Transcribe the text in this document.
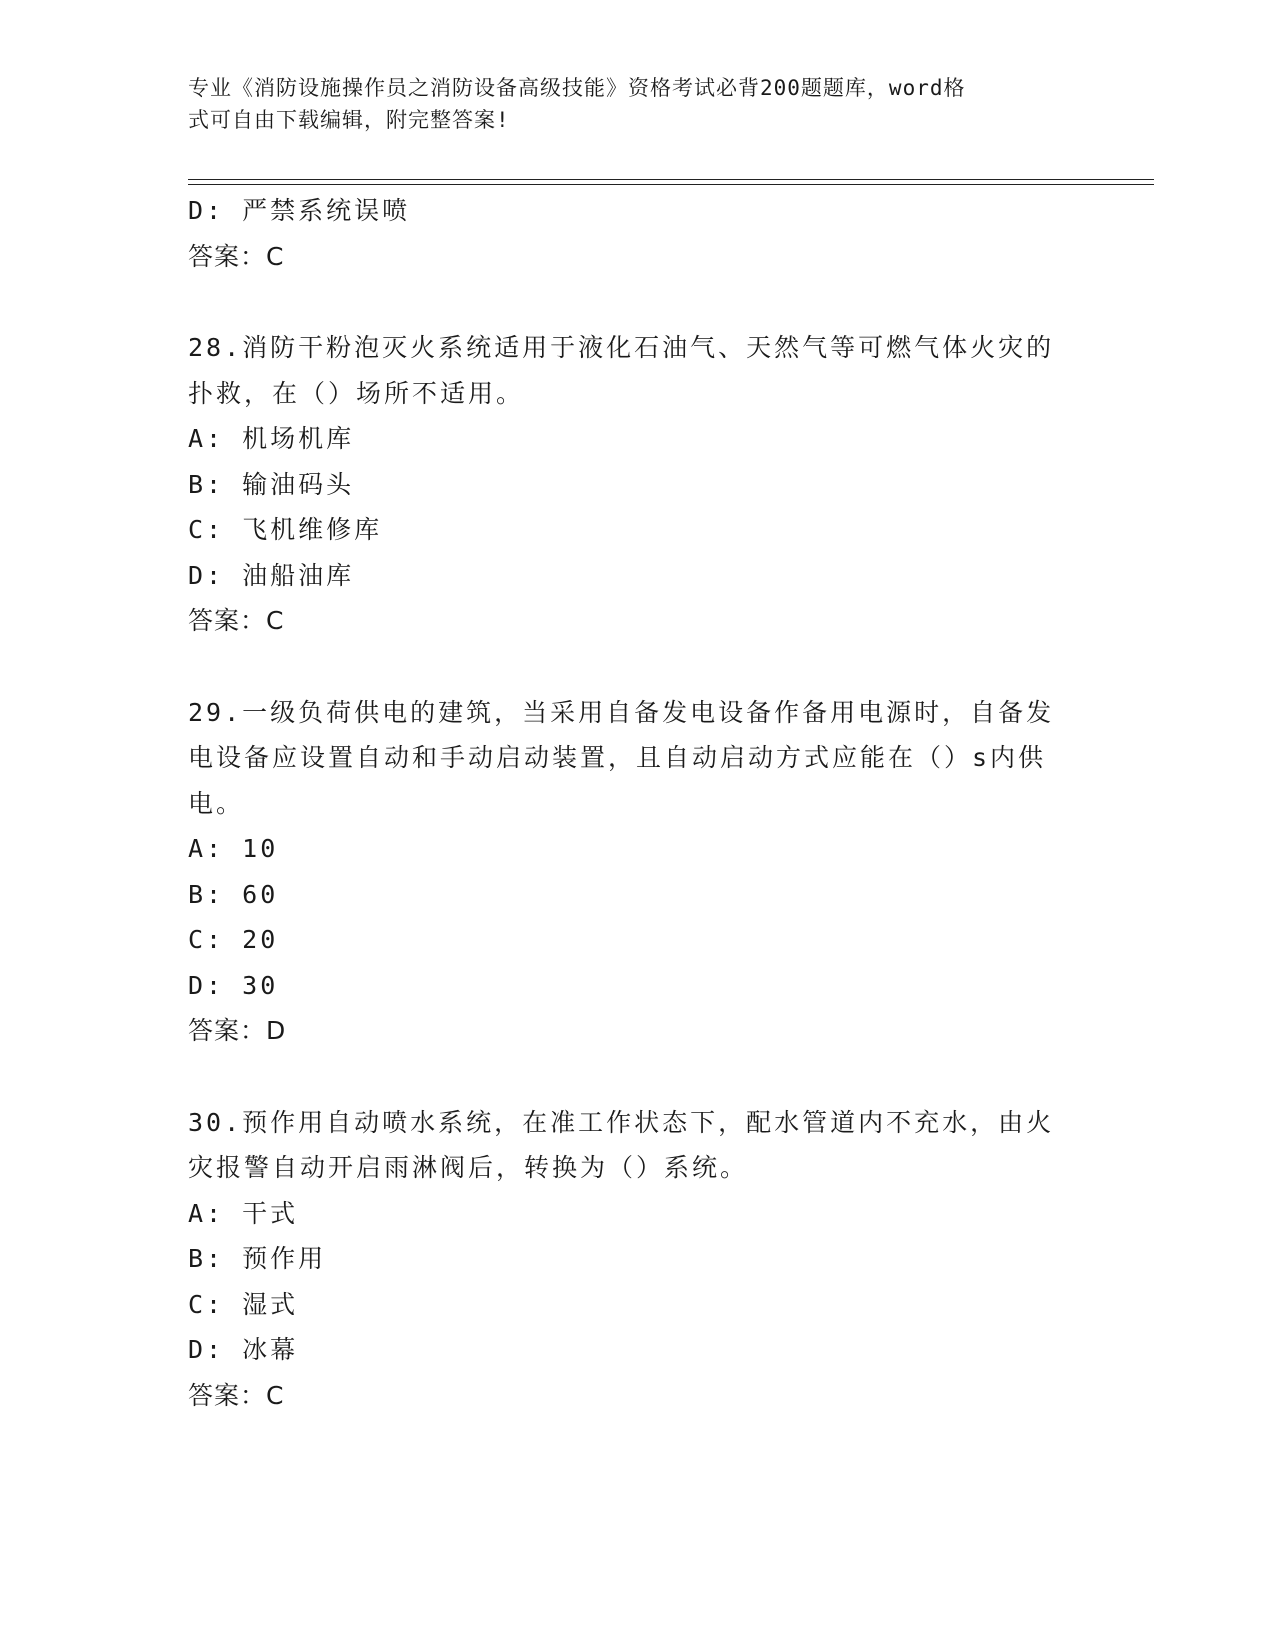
专业《消防设施操作员之消防设备高级技能》资格考试必背200题题库，word格
式可自由下载编辑，附完整答案!
D: 严禁系统误喷
答案：C
28.消防干粉泡灭火系统适用于液化石油气、天然气等可燃气体火灾的
扑救，在（）场所不适用。
A: 机场机库
B: 输油码头
C: 飞机维修库
D: 油船油库
答案：C
29.一级负荷供电的建筑，当采用自备发电设备作备用电源时，自备发
电设备应设置自动和手动启动装置，且自动启动方式应能在（）s内供
电。
A: 10
B: 60
C: 20
D: 30
答案：D
30.预作用自动喷水系统，在准工作状态下，配水管道内不充水，由火
灾报警自动开启雨淋阀后，转换为（）系统。
A: 干式
B: 预作用
C: 湿式
D: 冰幕
答案：C
